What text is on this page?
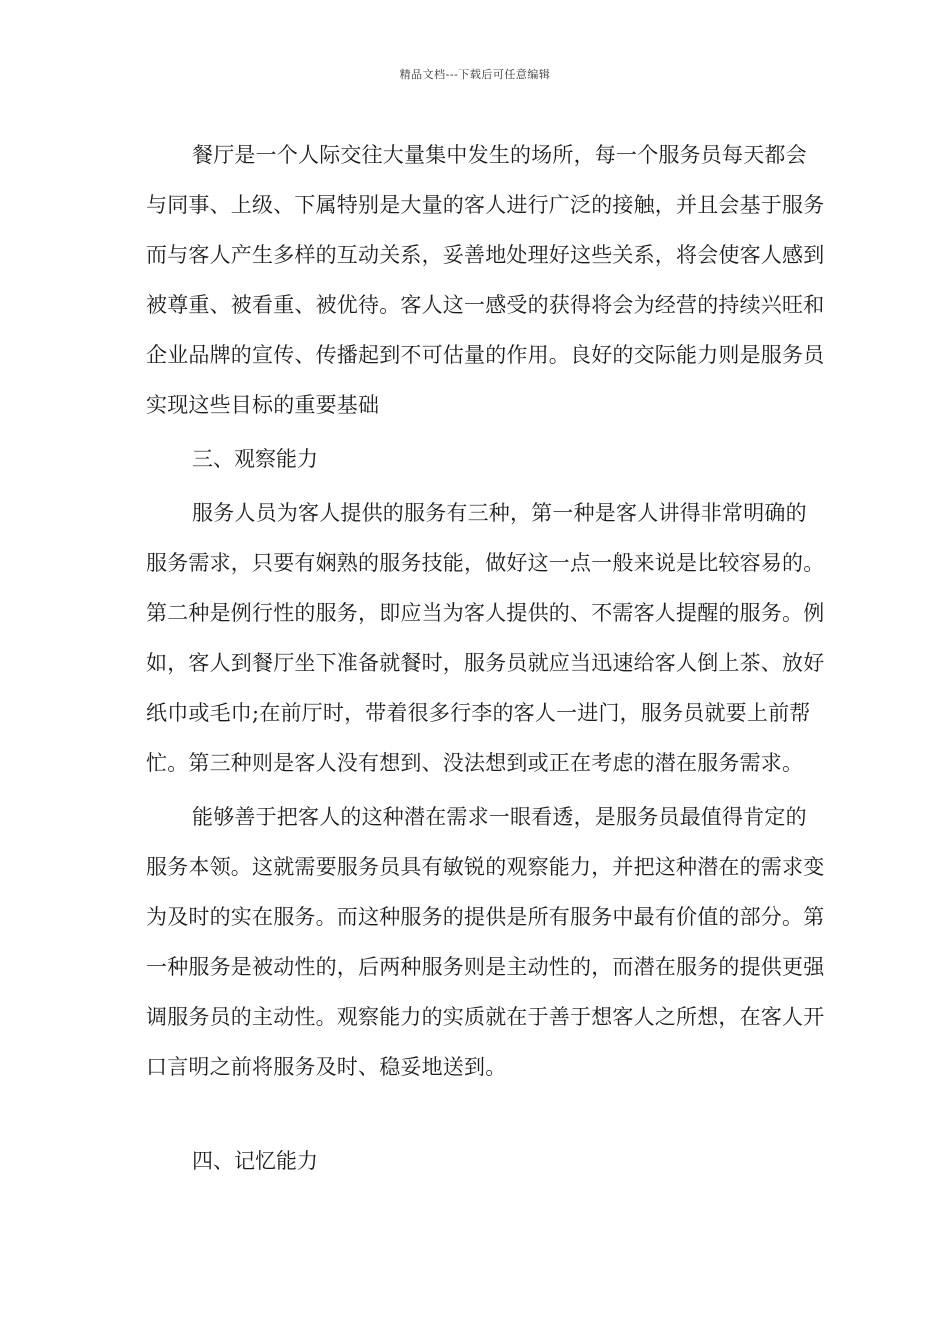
精品文档---下载后可任意编辑

餐厅是一个人际交往大量集中发生的场所，每一个服务员每天都会与同事、上级、下属特别是大量的客人进行广泛的接触，并且会基于服务而与客人产生多样的互动关系，妥善地处理好这些关系，将会使客人感到被尊重、被看重、被优待。客人这一感受的获得将会为经营的持续兴旺和企业品牌的宣传、传播起到不可估量的作用。良好的交际能力则是服务员实现这些目标的重要基础

三、观察能力

服务人员为客人提供的服务有三种，第一种是客人讲得非常明确的服务需求，只要有娴熟的服务技能，做好这一点一般来说是比较容易的。第二种是例行性的服务，即应当为客人提供的、不需客人提醒的服务。例如，客人到餐厅坐下准备就餐时，服务员就应当迅速给客人倒上茶、放好纸巾或毛巾;在前厅时，带着很多行李的客人一进门，服务员就要上前帮忙。第三种则是客人没有想到、没法想到或正在考虑的潜在服务需求。

能够善于把客人的这种潜在需求一眼看透，是服务员最值得肯定的服务本领。这就需要服务员具有敏锐的观察能力，并把这种潜在的需求变为及时的实在服务。而这种服务的提供是所有服务中最有价值的部分。第一种服务是被动性的，后两种服务则是主动性的，而潜在服务的提供更强调服务员的主动性。观察能力的实质就在于善于想客人之所想，在客人开口言明之前将服务及时、稳妥地送到。

四、记忆能力
